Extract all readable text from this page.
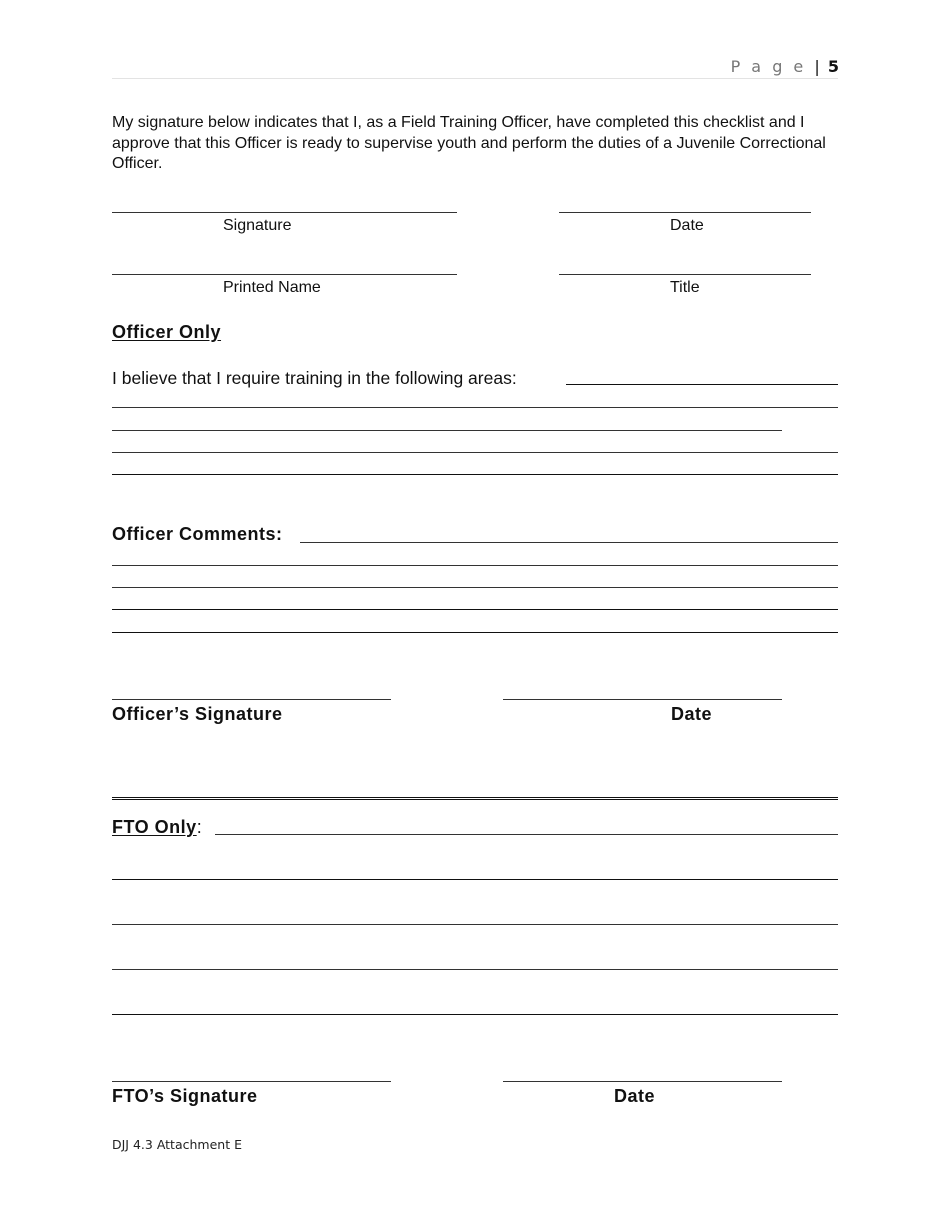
P a g e | 5
My signature below indicates that I, as a Field Training Officer, have completed this checklist and I approve that this Officer is ready to supervise youth and perform the duties of a Juvenile Correctional Officer.
Signature	Date
Printed Name	Title
Officer Only
I believe that I require training in the following areas:
Officer Comments:
Officer’s Signature	Date
FTO Only:
FTO’s Signature	Date
DJJ 4.3 Attachment E
